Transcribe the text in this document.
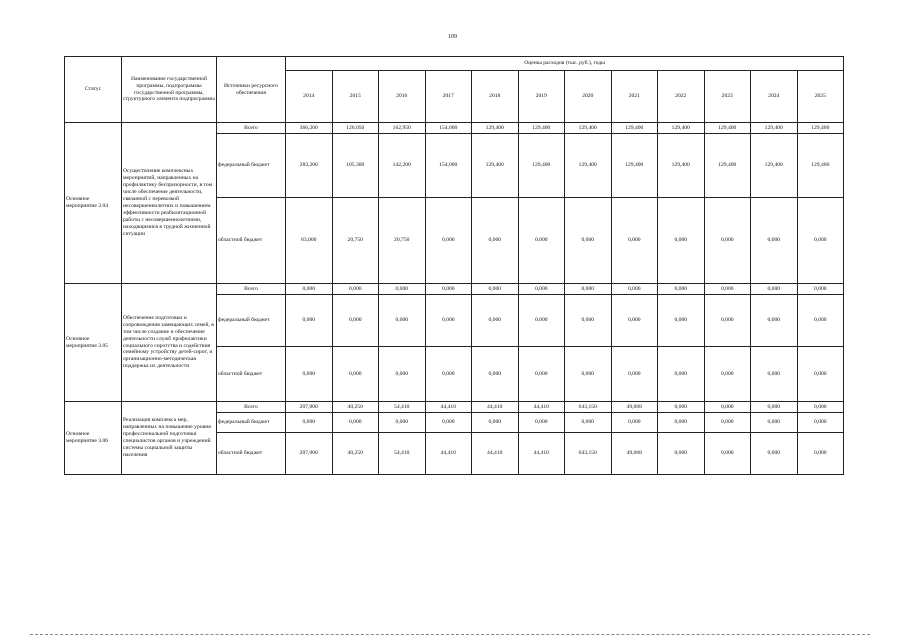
109
Статус	Наименование государственной программы, подпрограммы государственной программы, структурного элемента подпрограммы	Источники ресурсного обеспечения	Оценка расходов (тыс. руб.), годы											
			2014	2015	2016	2017	2018	2019	2020	2021	2022	2023	2024	2025
Основное мероприятие 3.04	Осуществление комплексных мероприятий, направленных на профилактику беспризорности, в том числе обеспечение деятельности, связанной с перевозкой несовершеннолетних и повышением эффективности реабилитационной работы с несовершеннолетними, находящимися в трудной жизненной ситуации	Всего	366,200	126,050	162,950	154,000	129,400	129,400	129,400	129,400	129,400	129,400	129,400	129,400
		федеральный бюджет	283,200	105,300	142,200	154,000	129,400	129,400	129,400	129,400	129,400	129,400	129,400	129,400
		областной бюджет	83,000	20,750	20,750	0,000	0,000	0,000	0,000	0,000	0,000	0,000	0,000	0,000
Основное мероприятие 3.05	Обеспечение подготовки и сопровождения замещающих семей, в том числе создание и обеспечение деятельности служб профилактики социального сиротства и содействия семейному устройству детей-сирот, и организационно-методическая поддержка их деятельности	Всего	0,000	0,000	0,000	0,000	0,000	0,000	0,000	0,000	0,000	0,000	0,000	0,000
		федеральный бюджет	0,000	0,000	0,000	0,000	0,000	0,000	0,000	0,000	0,000	0,000	0,000	0,000
		областной бюджет	0,000	0,000	0,000	0,000	0,000	0,000	0,000	0,000	0,000	0,000	0,000	0,000
Основное мероприятие 3.06	Реализация комплекса мер, направленных на повышение уровня профессиональной подготовки специалистов органов и учреждений системы социальной защиты населения	Всего	207,000	40,250	54,410	44,410	44,410	44,410	643,150	49,068	0,000	0,000	0,000	0,000
		федеральный бюджет	0,000	0,000	0,000	0,000	0,000	0,000	0,000	0,000	0,000	0,000	0,000	0,000
		областной бюджет	207,000	40,250	54,410	44,410	44,410	44,410	643,150	49,068	0,000	0,000	0,000	0,000
